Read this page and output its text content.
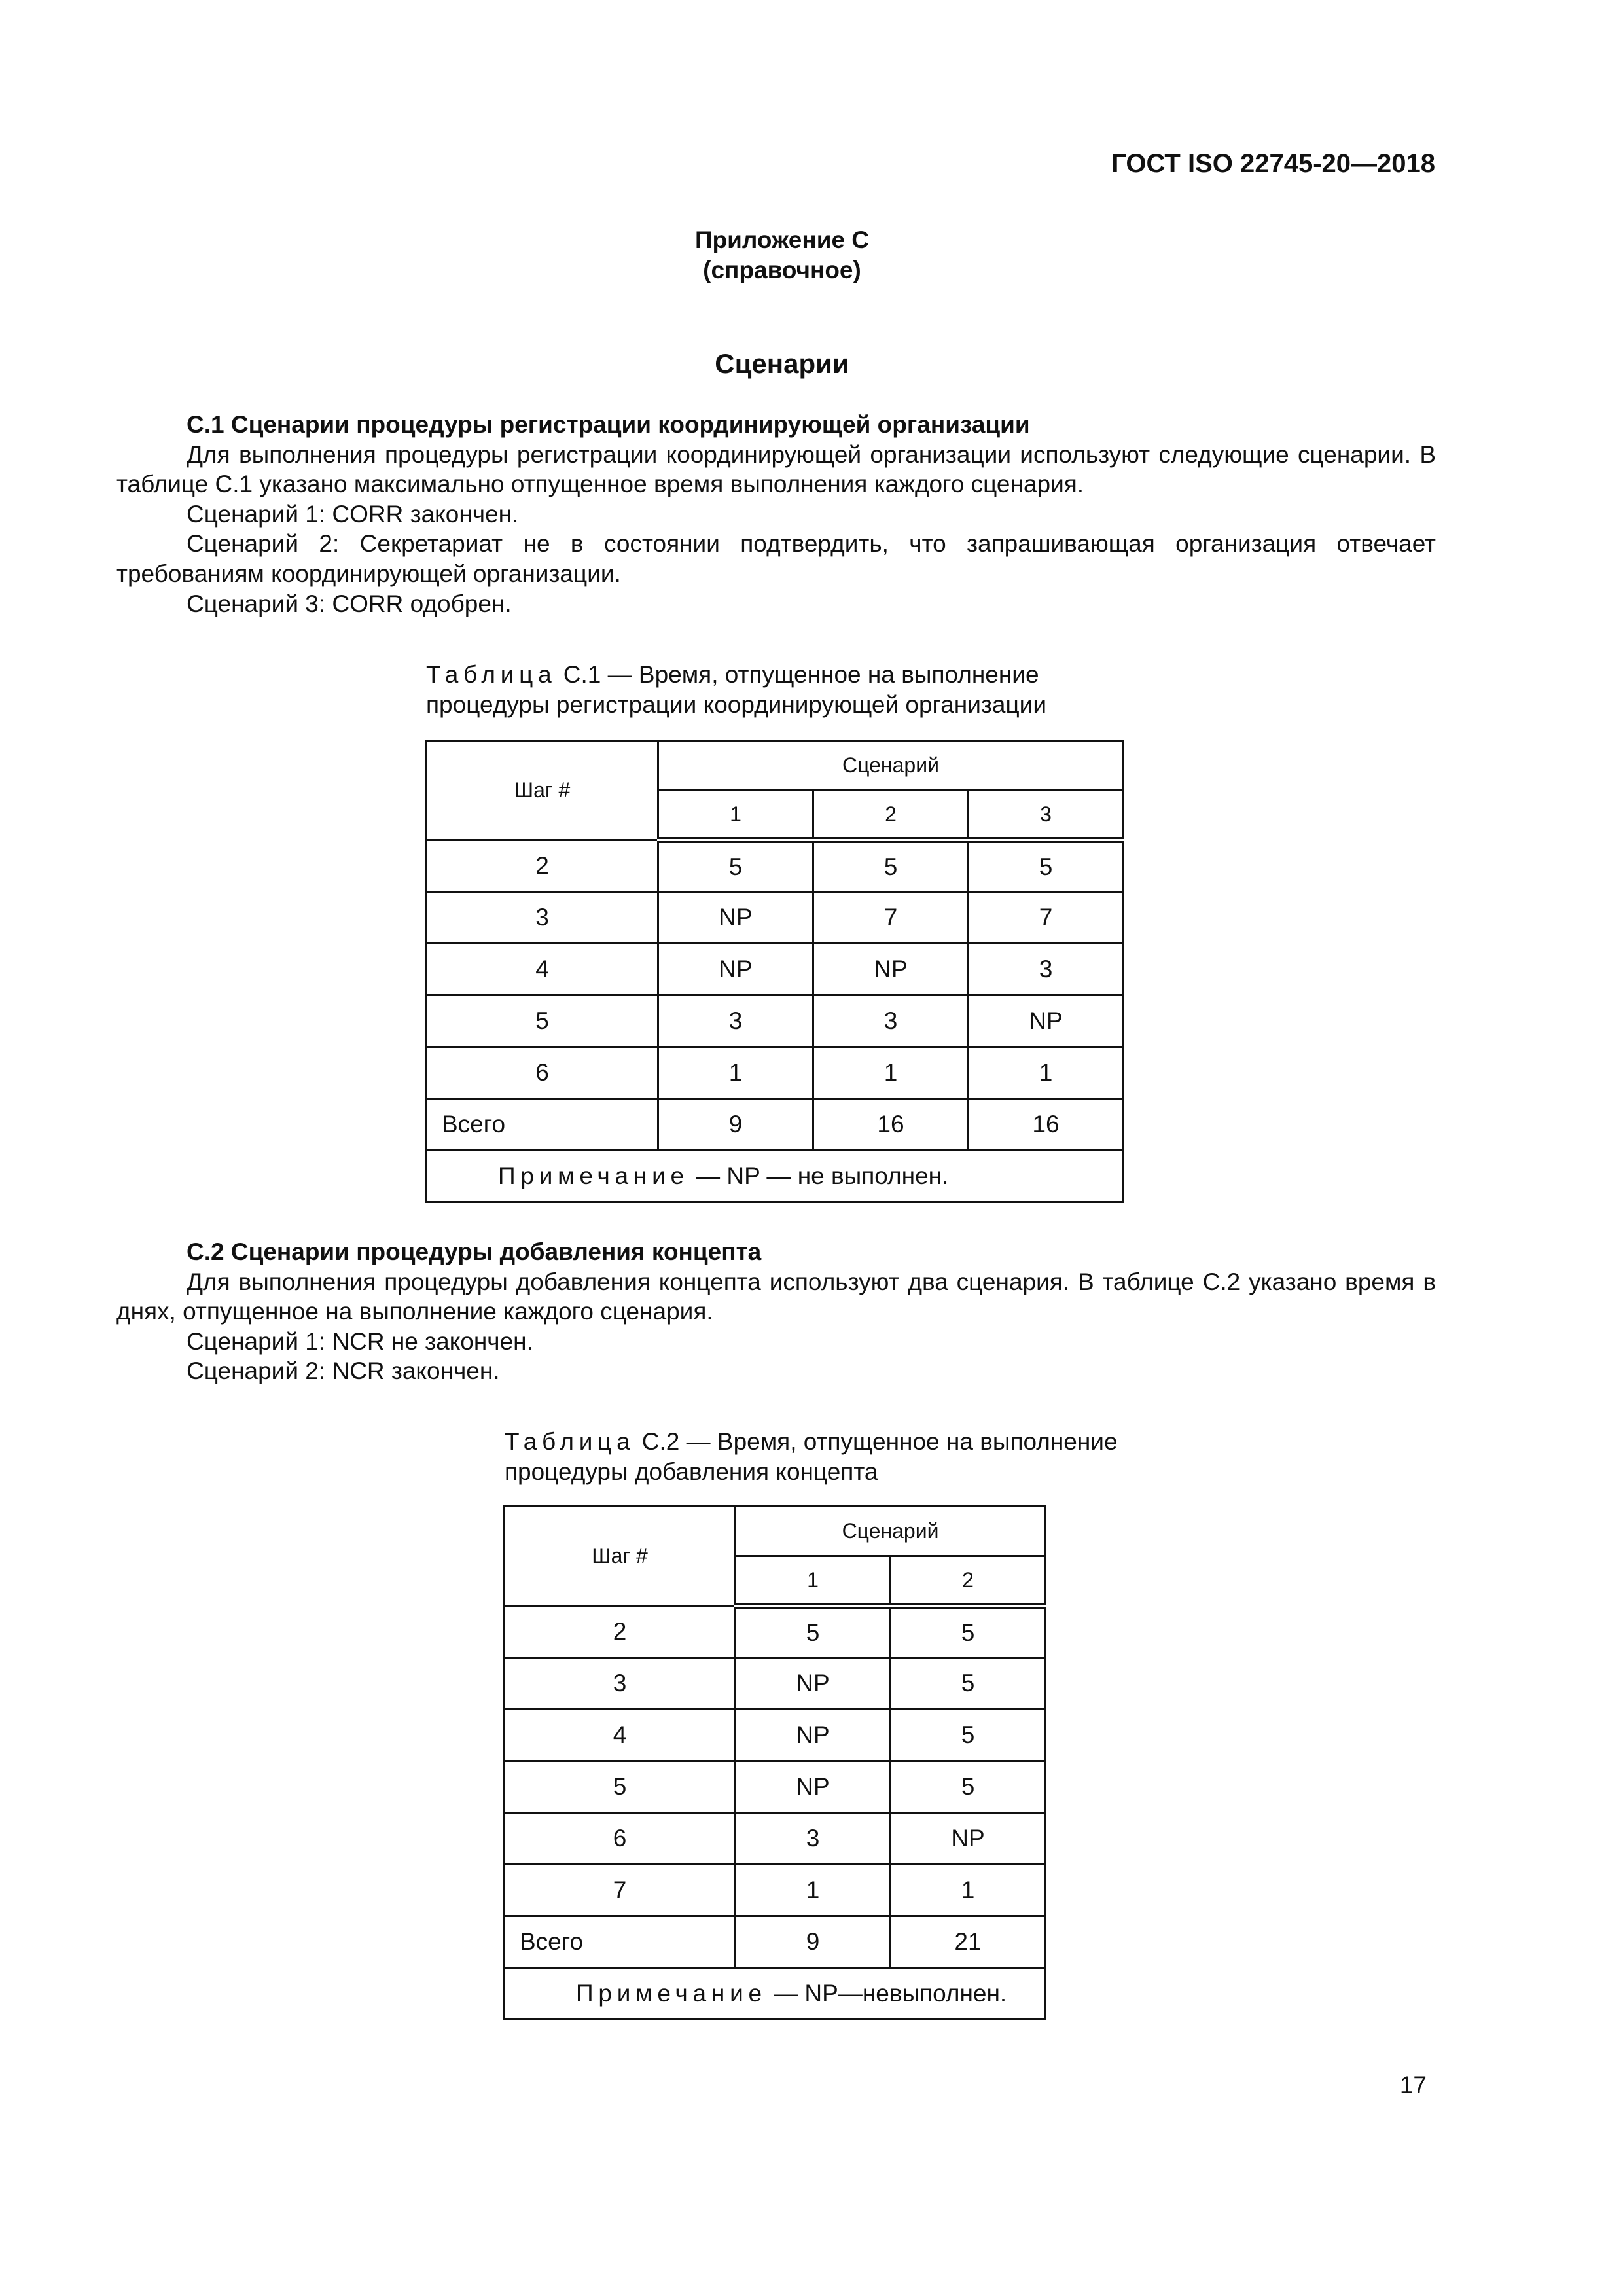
ГОСТ ISO 22745-20—2018
Приложение С
(справочное)
Сценарии
С.1 Сценарии процедуры регистрации координирующей организации

Для выполнения процедуры регистрации координирующей организации используют следующие сценарии. В таблице С.1 указано максимально отпущенное время выполнения каждого сценария.

Сценарий 1: CORR закончен.

Сценарий 2: Секретариат не в состоянии подтвердить, что запрашивающая организация отвечает требованиям координирующей организации.

Сценарий 3: CORR одобрен.

Таблица С.1 — Время, отпущенное на выполнение
процедуры регистрации координирующей организации
Шаг #	Сценарий		
	1	2	3
2	5	5	5
3	NP	7	7
4	NP	NP	3
5	3	3	NP
6	1	1	1
Всего	9	16	16
Примечание — NP — не выполнен.			
С.2 Сценарии процедуры добавления концепта

Для выполнения процедуры добавления концепта используют два сценария. В таблице С.2 указано время в днях, отпущенное на выполнение каждого сценария.

Сценарий 1: NCR не закончен.

Сценарий 2: NCR закончен.

Таблица С.2 — Время, отпущенное на выполнение
процедуры добавления концепта
Шаг #	Сценарий	
	1	2
2	5	5
3	NP	5
4	NP	5
5	NP	5
6	3	NP
7	1	1
Всего	9	21
Примечание — NP—невыполнен.		
17
